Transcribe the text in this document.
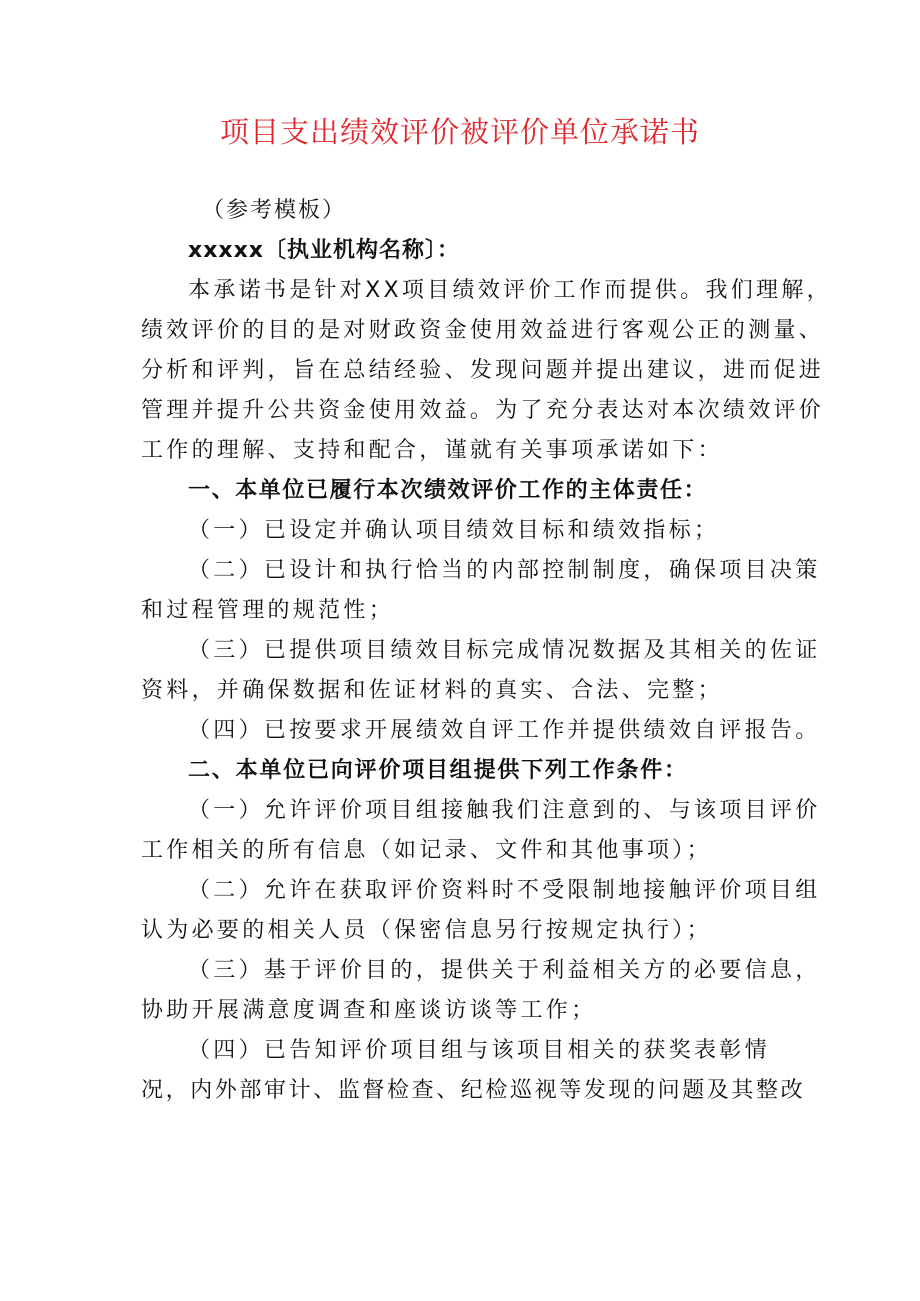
项目支出绩效评价被评价单位承诺书
（参考模板）
xxxxx〔执业机构名称〕：
本承诺书是针对XX项目绩效评价工作而提供。我们理解，
绩效评价的目的是对财政资金使用效益进行客观公正的测量、
分析和评判，旨在总结经验、发现问题并提出建议，进而促进
管理并提升公共资金使用效益。为了充分表达对本次绩效评价
工作的理解、支持和配合，谨就有关事项承诺如下：
一、本单位已履行本次绩效评价工作的主体责任：
（一）已设定并确认项目绩效目标和绩效指标；
（二）已设计和执行恰当的内部控制制度，确保项目决策
和过程管理的规范性；
（三）已提供项目绩效目标完成情况数据及其相关的佐证
资料，并确保数据和佐证材料的真实、合法、完整；
（四）已按要求开展绩效自评工作并提供绩效自评报告。
二、本单位已向评价项目组提供下列工作条件：
（一）允许评价项目组接触我们注意到的、与该项目评价
工作相关的所有信息（如记录、文件和其他事项）；
（二）允许在获取评价资料时不受限制地接触评价项目组
认为必要的相关人员（保密信息另行按规定执行）；
（三）基于评价目的，提供关于利益相关方的必要信息，
协助开展满意度调查和座谈访谈等工作；
（四）已告知评价项目组与该项目相关的获奖表彰情
况，内外部审计、监督检查、纪检巡视等发现的问题及其整改
